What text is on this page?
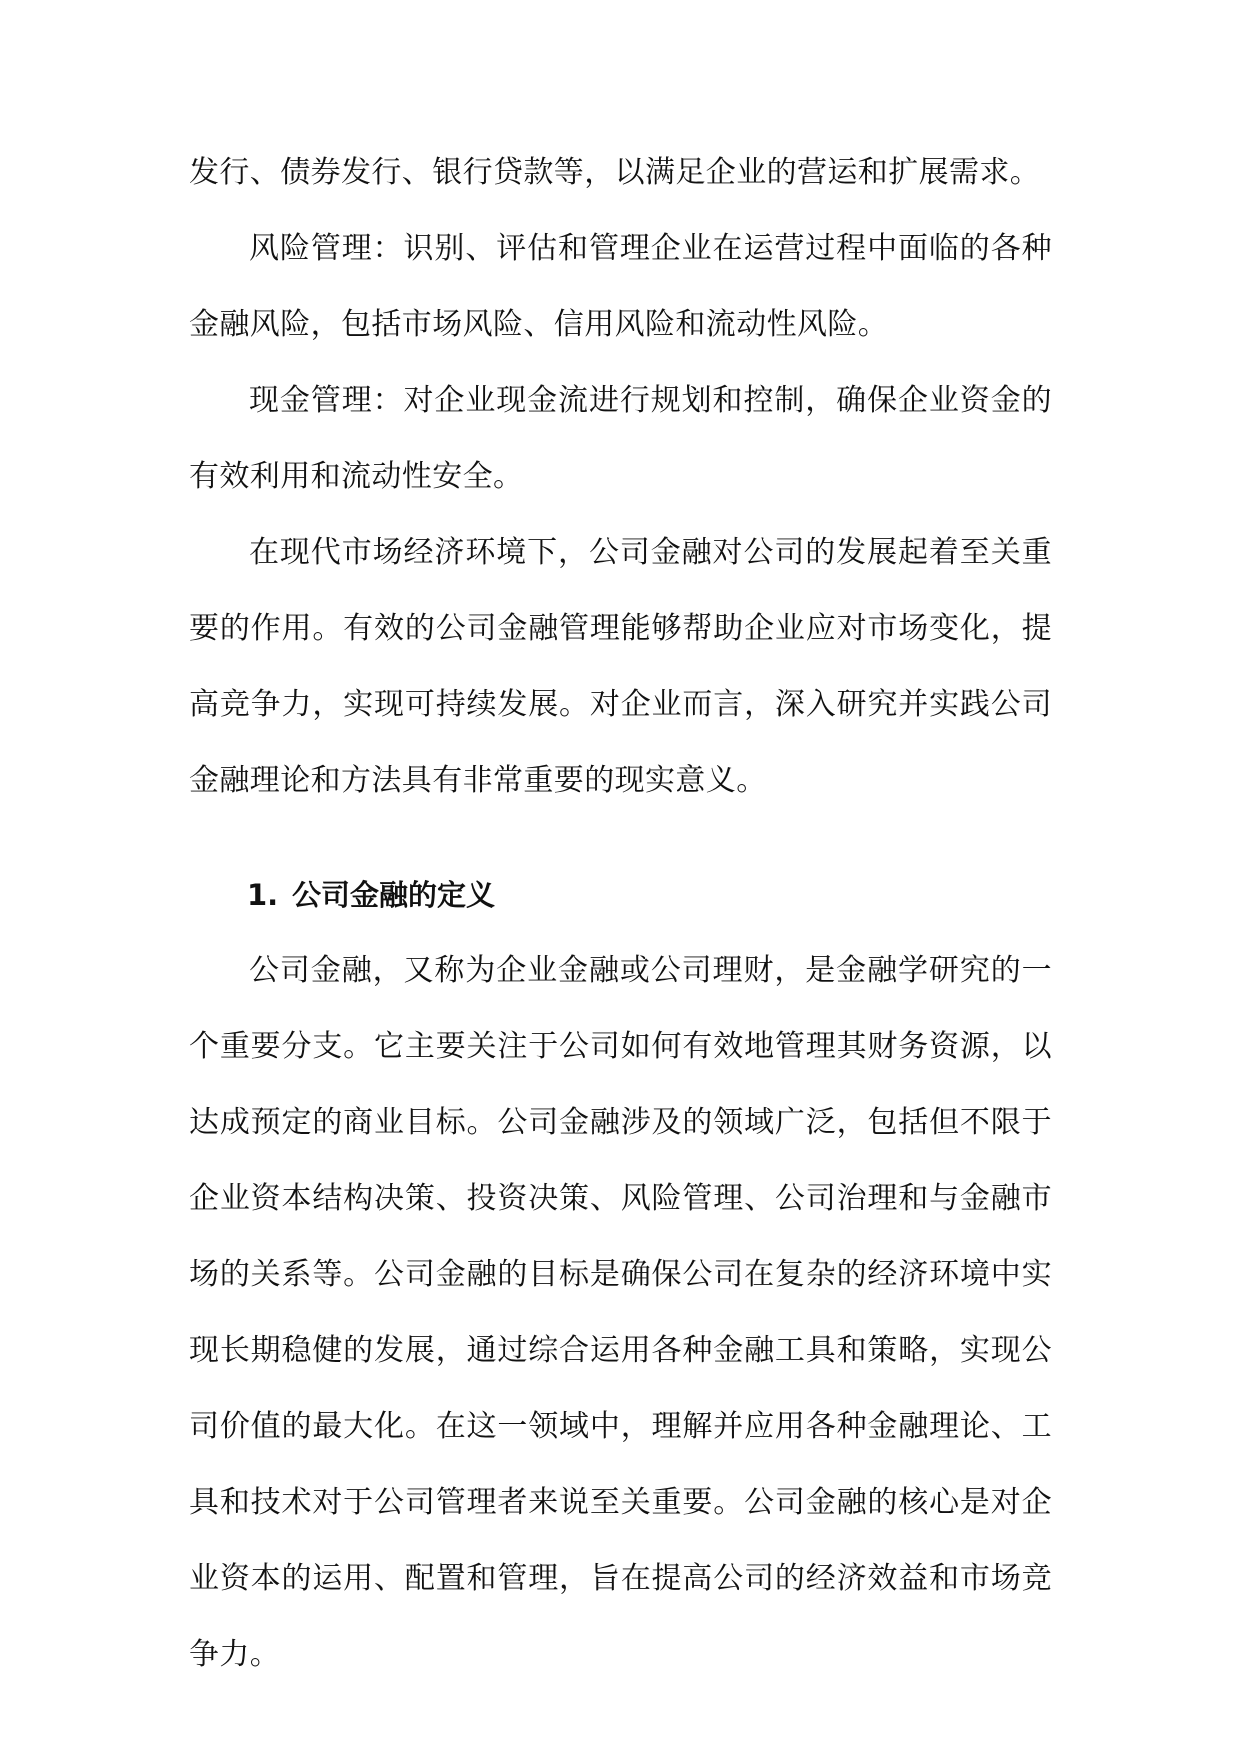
发行、债券发行、银行贷款等，以满足企业的营运和扩展需求。

风险管理：识别、评估和管理企业在运营过程中面临的各种金融风险，包括市场风险、信用风险和流动性风险。

现金管理：对企业现金流进行规划和控制，确保企业资金的有效利用和流动性安全。

在现代市场经济环境下，公司金融对公司的发展起着至关重要的作用。有效的公司金融管理能够帮助企业应对市场变化，提高竞争力，实现可持续发展。对企业而言，深入研究并实践公司金融理论和方法具有非常重要的现实意义。

1. 公司金融的定义

公司金融，又称为企业金融或公司理财，是金融学研究的一个重要分支。它主要关注于公司如何有效地管理其财务资源，以达成预定的商业目标。公司金融涉及的领域广泛，包括但不限于企业资本结构决策、投资决策、风险管理、公司治理和与金融市场的关系等。公司金融的目标是确保公司在复杂的经济环境中实现长期稳健的发展，通过综合运用各种金融工具和策略，实现公司价值的最大化。在这一领域中，理解并应用各种金融理论、工具和技术对于公司管理者来说至关重要。公司金融的核心是对企业资本的运用、配置和管理，旨在提高公司的经济效益和市场竞争力。
